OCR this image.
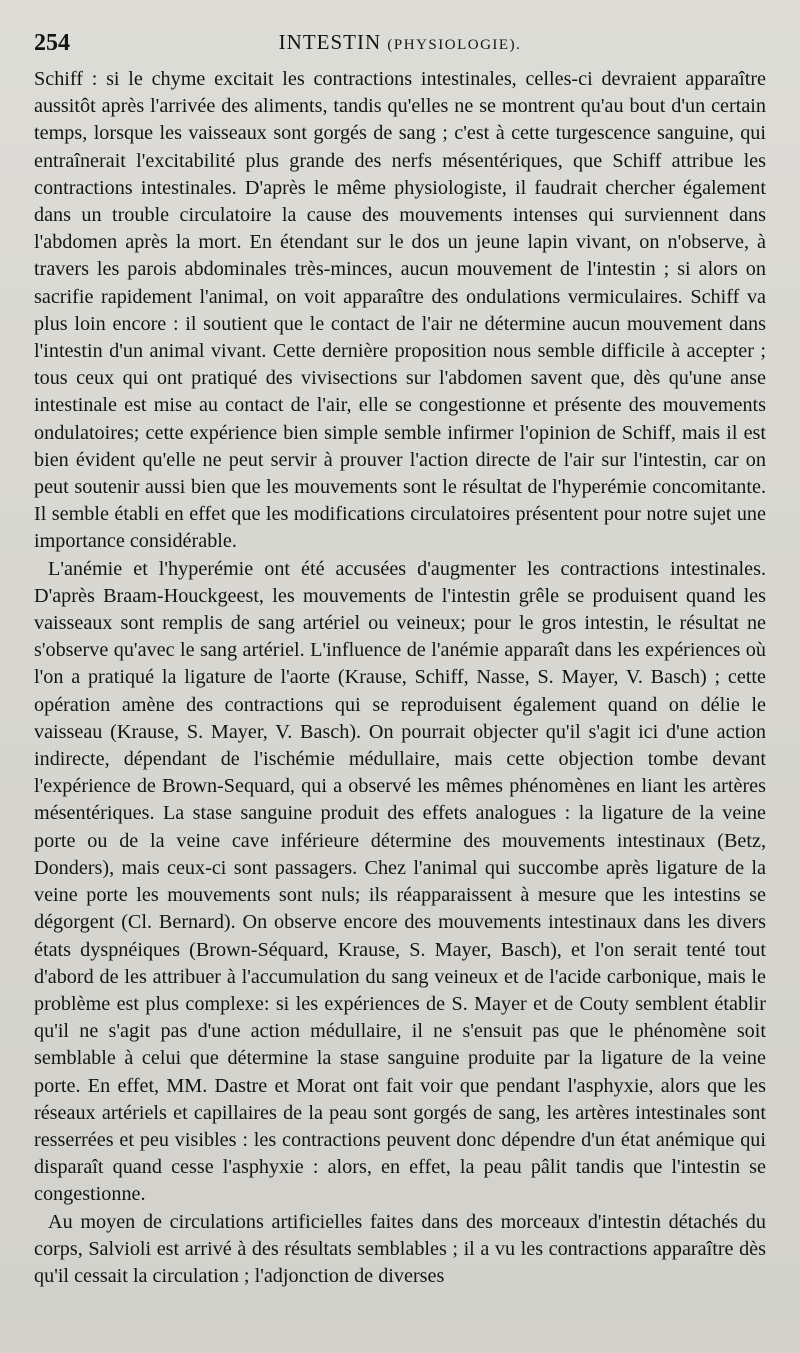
254	INTESTIN (PHYSIOLOGIE).

Schiff : si le chyme excitait les contractions intestinales, celles-ci devraient apparaître aussitôt après l'arrivée des aliments, tandis qu'elles ne se montrent qu'au bout d'un certain temps, lorsque les vaisseaux sont gorgés de sang ; c'est à cette turgescence sanguine, qui entraînerait l'excitabilité plus grande des nerfs mésentériques, que Schiff attribue les contractions intestinales. D'après le même physiologiste, il faudrait chercher également dans un trouble circulatoire la cause des mouvements intenses qui surviennent dans l'abdomen après la mort. En étendant sur le dos un jeune lapin vivant, on n'observe, à travers les parois abdominales très-minces, aucun mouvement de l'intestin ; si alors on sacrifie rapidement l'animal, on voit apparaître des ondulations vermiculaires. Schiff va plus loin encore : il soutient que le contact de l'air ne détermine aucun mouvement dans l'intestin d'un animal vivant. Cette dernière proposition nous semble difficile à accepter ; tous ceux qui ont pratiqué des vivisections sur l'abdomen savent que, dès qu'une anse intestinale est mise au contact de l'air, elle se congestionne et présente des mouvements ondulatoires; cette expérience bien simple semble infirmer l'opinion de Schiff, mais il est bien évident qu'elle ne peut servir à prouver l'action directe de l'air sur l'intestin, car on peut soutenir aussi bien que les mouvements sont le résultat de l'hyperémie concomitante. Il semble établi en effet que les modifications circulatoires présentent pour notre sujet une importance considérable.

L'anémie et l'hyperémie ont été accusées d'augmenter les contractions intestinales. D'après Braam-Houckgeest, les mouvements de l'intestin grêle se produisent quand les vaisseaux sont remplis de sang artériel ou veineux; pour le gros intestin, le résultat ne s'observe qu'avec le sang artériel. L'influence de l'anémie apparaît dans les expériences où l'on a pratiqué la ligature de l'aorte (Krause, Schiff, Nasse, S. Mayer, V. Basch) ; cette opération amène des contractions qui se reproduisent également quand on délie le vaisseau (Krause, S. Mayer, V. Basch). On pourrait objecter qu'il s'agit ici d'une action indirecte, dépendant de l'ischémie médullaire, mais cette objection tombe devant l'expérience de Brown-Sequard, qui a observé les mêmes phénomènes en liant les artères mésentériques. La stase sanguine produit des effets analogues : la ligature de la veine porte ou de la veine cave inférieure détermine des mouvements intestinaux (Betz, Donders), mais ceux-ci sont passagers. Chez l'animal qui succombe après ligature de la veine porte les mouvements sont nuls; ils réapparaissent à mesure que les intestins se dégorgent (Cl. Bernard). On observe encore des mouvements intestinaux dans les divers états dyspnéiques (Brown-Séquard, Krause, S. Mayer, Basch), et l'on serait tenté tout d'abord de les attribuer à l'accumulation du sang veineux et de l'acide carbonique, mais le problème est plus complexe: si les expériences de S. Mayer et de Couty semblent établir qu'il ne s'agit pas d'une action médullaire, il ne s'ensuit pas que le phénomène soit semblable à celui que détermine la stase sanguine produite par la ligature de la veine porte. En effet, MM. Dastre et Morat ont fait voir que pendant l'asphyxie, alors que les réseaux artériels et capillaires de la peau sont gorgés de sang, les artères intestinales sont resserrées et peu visibles : les contractions peuvent donc dépendre d'un état anémique qui disparaît quand cesse l'asphyxie : alors, en effet, la peau pâlit tandis que l'intestin se congestionne.

Au moyen de circulations artificielles faites dans des morceaux d'intestin détachés du corps, Salvioli est arrivé à des résultats semblables ; il a vu les contractions apparaître dès qu'il cessait la circulation ; l'adjonction de diverses
